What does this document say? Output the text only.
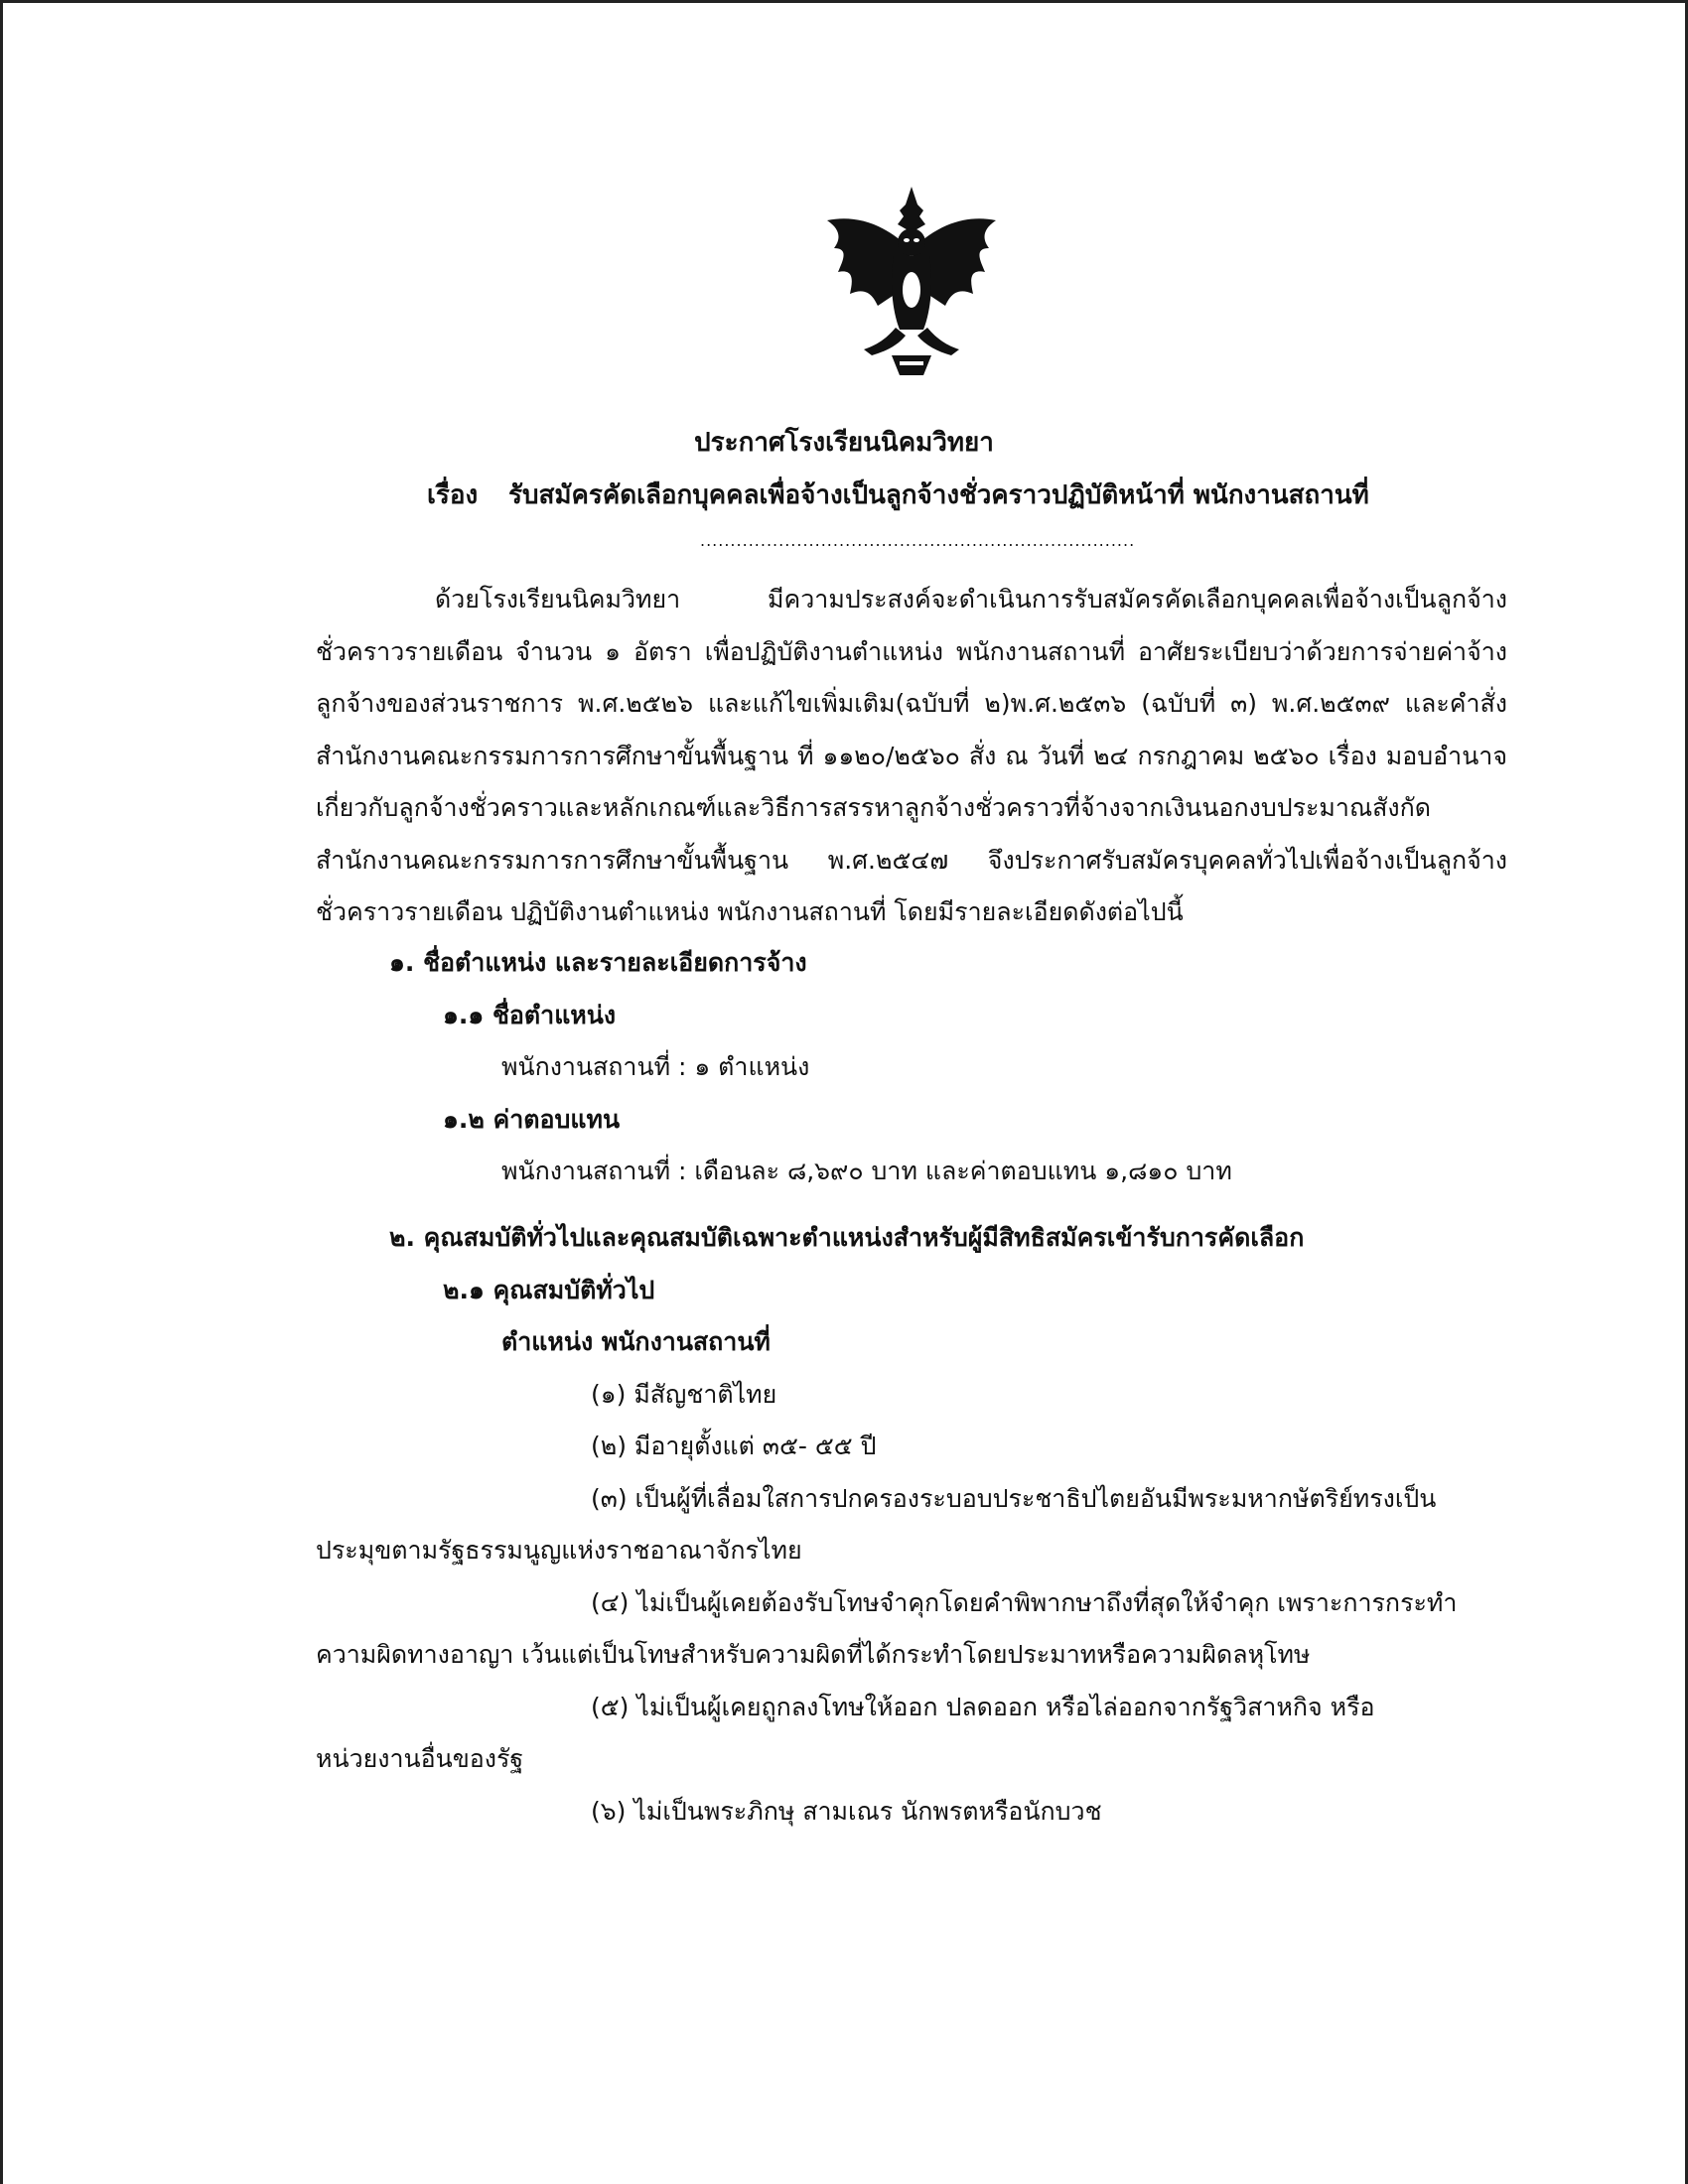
ประกาศโรงเรียนนิคมวิทยา
เรื่อง รับสมัครคัดเลือกบุคคลเพื่อจ้างเป็นลูกจ้างชั่วคราวปฏิบัติหน้าที่ พนักงานสถานที่
........................................................................

ด้วยโรงเรียนนิคมวิทยา มีความประสงค์จะดำเนินการรับสมัครคัดเลือกบุคคลเพื่อจ้างเป็นลูกจ้างชั่วคราวรายเดือน จำนวน ๑ อัตรา เพื่อปฏิบัติงานตำแหน่ง พนักงานสถานที่ อาศัยระเบียบว่าด้วยการจ่ายค่าจ้างลูกจ้างของส่วนราชการ พ.ศ.๒๕๒๖ และแก้ไขเพิ่มเติม(ฉบับที่ ๒)พ.ศ.๒๕๓๖ (ฉบับที่ ๓) พ.ศ.๒๕๓๙ และคำสั่งสำนักงานคณะกรรมการการศึกษาขั้นพื้นฐาน ที่ ๑๑๒๐/๒๕๖๐ สั่ง ณ วันที่ ๒๔ กรกฎาคม ๒๕๖๐ เรื่อง มอบอำนาจเกี่ยวกับลูกจ้างชั่วคราวและหลักเกณฑ์และวิธีการสรรหาลูกจ้างชั่วคราวที่จ้างจากเงินนอกงบประมาณสังกัดสำนักงานคณะกรรมการการศึกษาขั้นพื้นฐาน พ.ศ.๒๕๔๗ จึงประกาศรับสมัครบุคคลทั่วไปเพื่อจ้างเป็นลูกจ้างชั่วคราวรายเดือน ปฏิบัติงานตำแหน่ง พนักงานสถานที่ โดยมีรายละเอียดดังต่อไปนี้

๑. ชื่อตำแหน่ง และรายละเอียดการจ้าง
๑.๑ ชื่อตำแหน่ง
พนักงานสถานที่ : ๑ ตำแหน่ง
๑.๒ ค่าตอบแทน
พนักงานสถานที่ : เดือนละ ๘,๖๙๐ บาท และค่าตอบแทน ๑,๘๑๐ บาท
๒. คุณสมบัติทั่วไปและคุณสมบัติเฉพาะตำแหน่งสำหรับผู้มีสิทธิสมัครเข้ารับการคัดเลือก
๒.๑ คุณสมบัติทั่วไป
ตำแหน่ง พนักงานสถานที่
(๑) มีสัญชาติไทย
(๒) มีอายุตั้งแต่ ๓๕- ๕๕ ปี
(๓) เป็นผู้ที่เลื่อมใสการปกครองระบอบประชาธิปไตยอันมีพระมหากษัตริย์ทรงเป็น
ประมุขตามรัฐธรรมนูญแห่งราชอาณาจักรไทย
(๔) ไม่เป็นผู้เคยต้องรับโทษจำคุกโดยคำพิพากษาถึงที่สุดให้จำคุก เพราะการกระทำ
ความผิดทางอาญา เว้นแต่เป็นโทษสำหรับความผิดที่ได้กระทำโดยประมาทหรือความผิดลหุโทษ
(๕) ไม่เป็นผู้เคยถูกลงโทษให้ออก ปลดออก หรือไล่ออกจากรัฐวิสาหกิจ หรือ
หน่วยงานอื่นของรัฐ
(๖) ไม่เป็นพระภิกษุ สามเณร นักพรตหรือนักบวช
